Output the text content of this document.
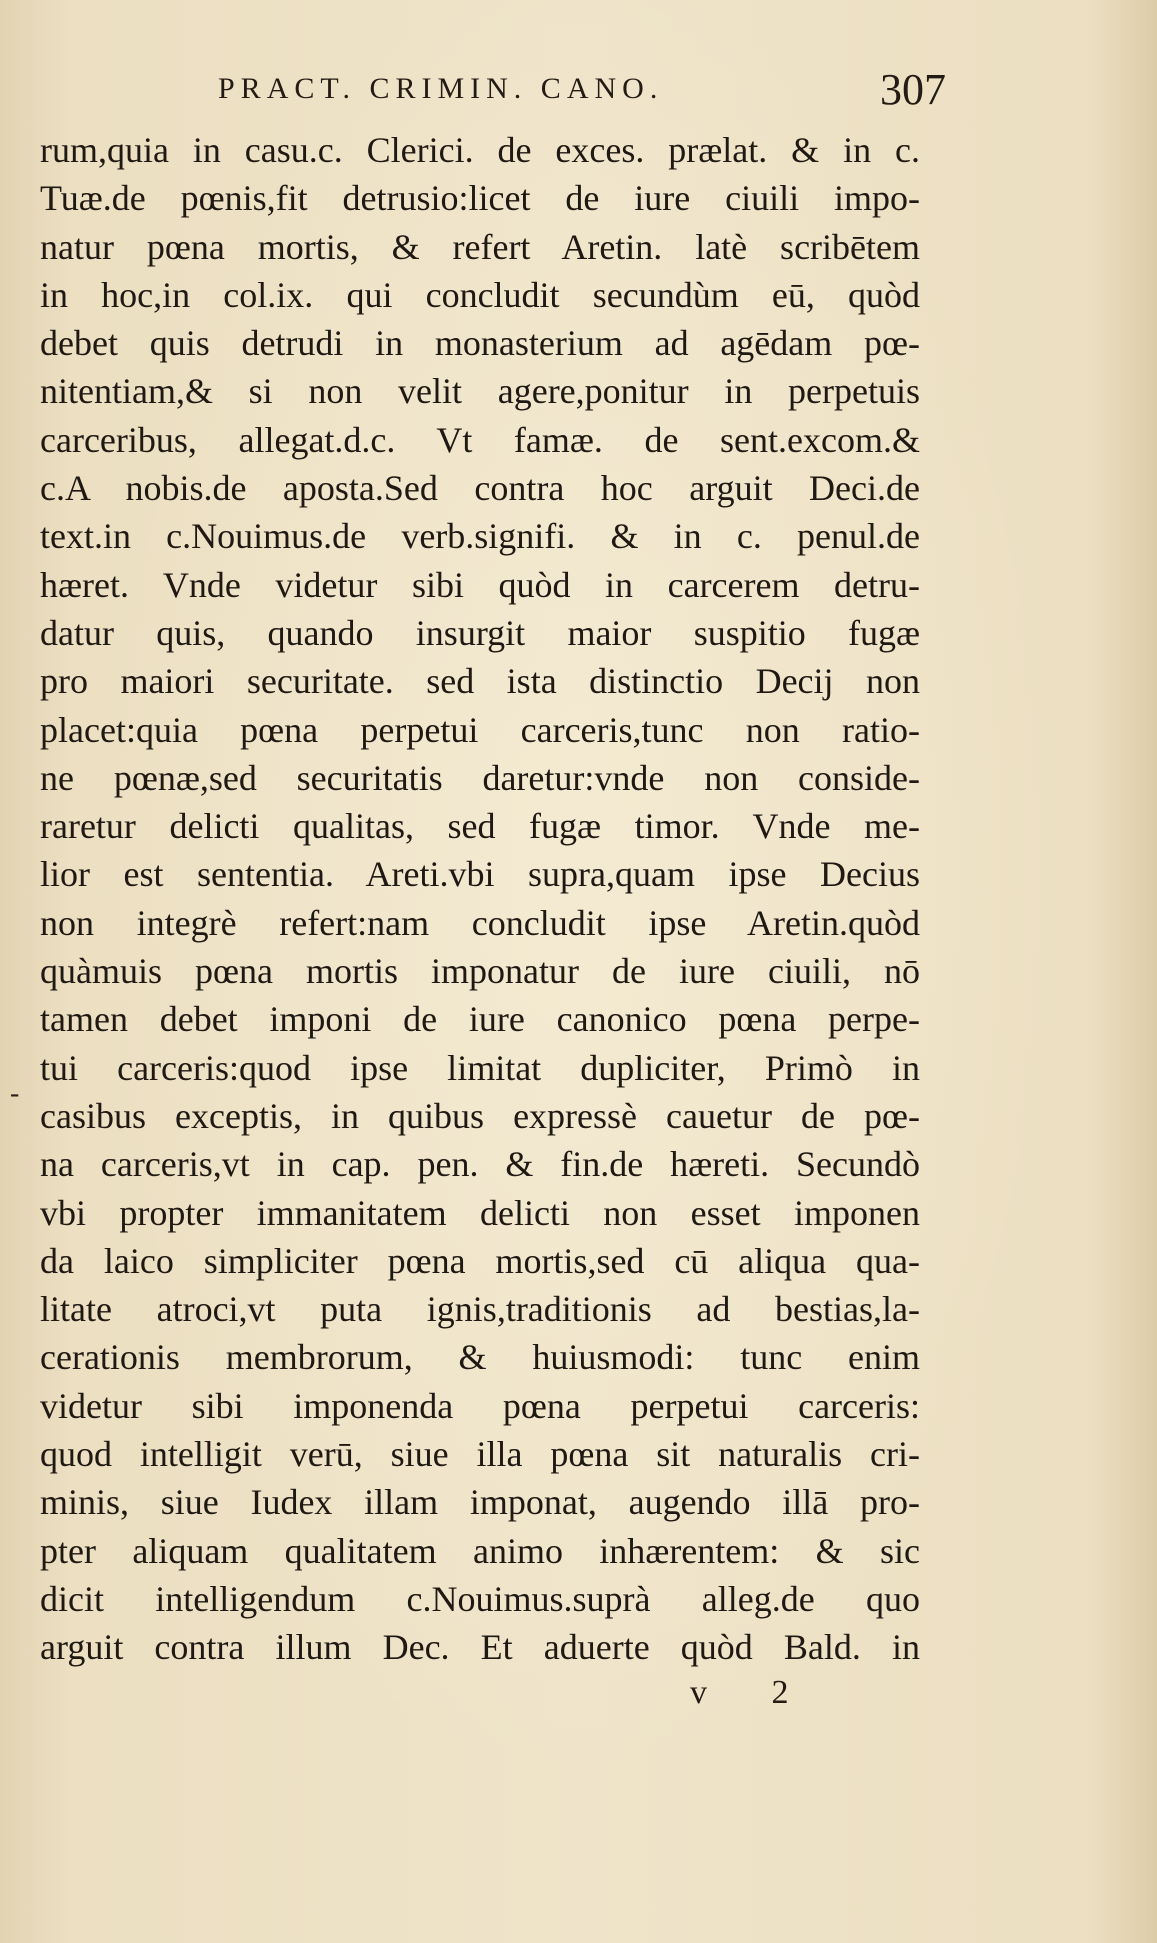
PRACT. CRIMIN. CANO.	307
-
rum,quia in casu.c. Clerici. de exces. prælat. & in c.
Tuæ.de pœnis,fit detrusio:licet de iure ciuili impo-
natur pœna mortis, & refert Aretin. latè scribētem
in hoc,in col.ix. qui concludit secundùm eū, quòd
debet quis detrudi in monasterium ad agēdam pœ-
nitentiam,& si non velit agere,ponitur in perpetuis
carceribus, allegat.d.c. Vt famæ. de sent.excom.&
c.A nobis.de aposta.Sed contra hoc arguit Deci.de
text.in c.Nouimus.de verb.signifi. & in c. penul.de
hæret. Vnde videtur sibi quòd in carcerem detru-
datur quis, quando insurgit maior suspitio fugæ
pro maiori securitate. sed ista distinctio Decij non
placet:quia pœna perpetui carceris,tunc non ratio-
ne pœnæ,sed securitatis daretur:vnde non conside-
raretur delicti qualitas, sed fugæ timor. Vnde me-
lior est sententia. Areti.vbi supra,quam ipse Decius
non integrè refert:nam concludit ipse Aretin.quòd
quàmuis pœna mortis imponatur de iure ciuili, nō
tamen debet imponi de iure canonico pœna perpe-
tui carceris:quod ipse limitat dupliciter, Primò in
casibus exceptis, in quibus expressè cauetur de pœ-
na carceris,vt in cap. pen. & fin.de hæreti. Secundò
vbi propter immanitatem delicti non esset imponen
da laico simpliciter pœna mortis,sed cū aliqua qua-
litate atroci,vt puta ignis,traditionis ad bestias,la-
cerationis membrorum, & huiusmodi: tunc enim
videtur sibi imponenda pœna perpetui carceris:
quod intelligit verū, siue illa pœna sit naturalis cri-
minis, siue Iudex illam imponat, augendo illā pro-
pter aliquam qualitatem animo inhærentem: & sic
dicit intelligendum c.Nouimus.suprà alleg.de quo
arguit contra illum Dec. Et aduerte quòd Bald. in
v 2
